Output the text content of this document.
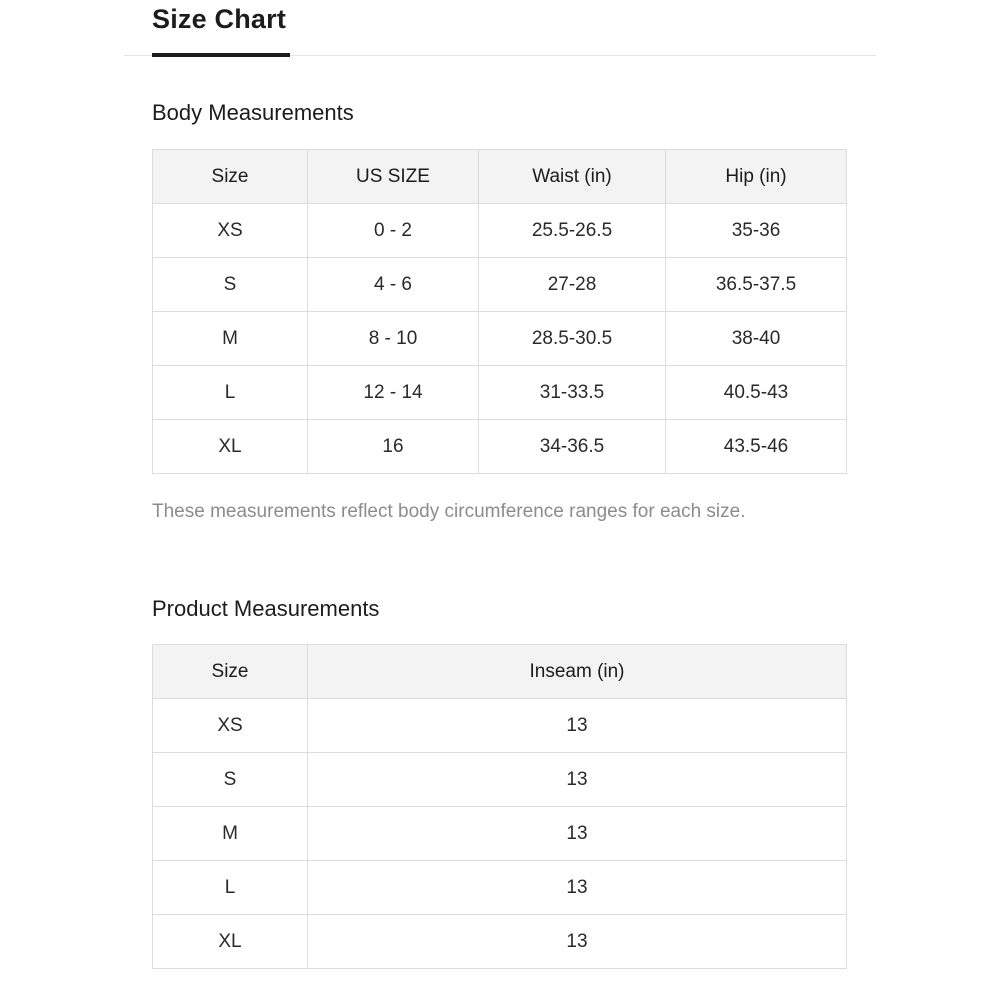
Size Chart
Body Measurements
Size	US SIZE	Waist (in)	Hip (in)
XS	0 - 2	25.5-26.5	35-36
S	4 - 6	27-28	36.5-37.5
M	8 - 10	28.5-30.5	38-40
L	12 - 14	31-33.5	40.5-43
XL	16	34-36.5	43.5-46
These measurements reflect body circumference ranges for each size.
Product Measurements
Size	Inseam (in)
XS	13
S	13
M	13
L	13
XL	13
